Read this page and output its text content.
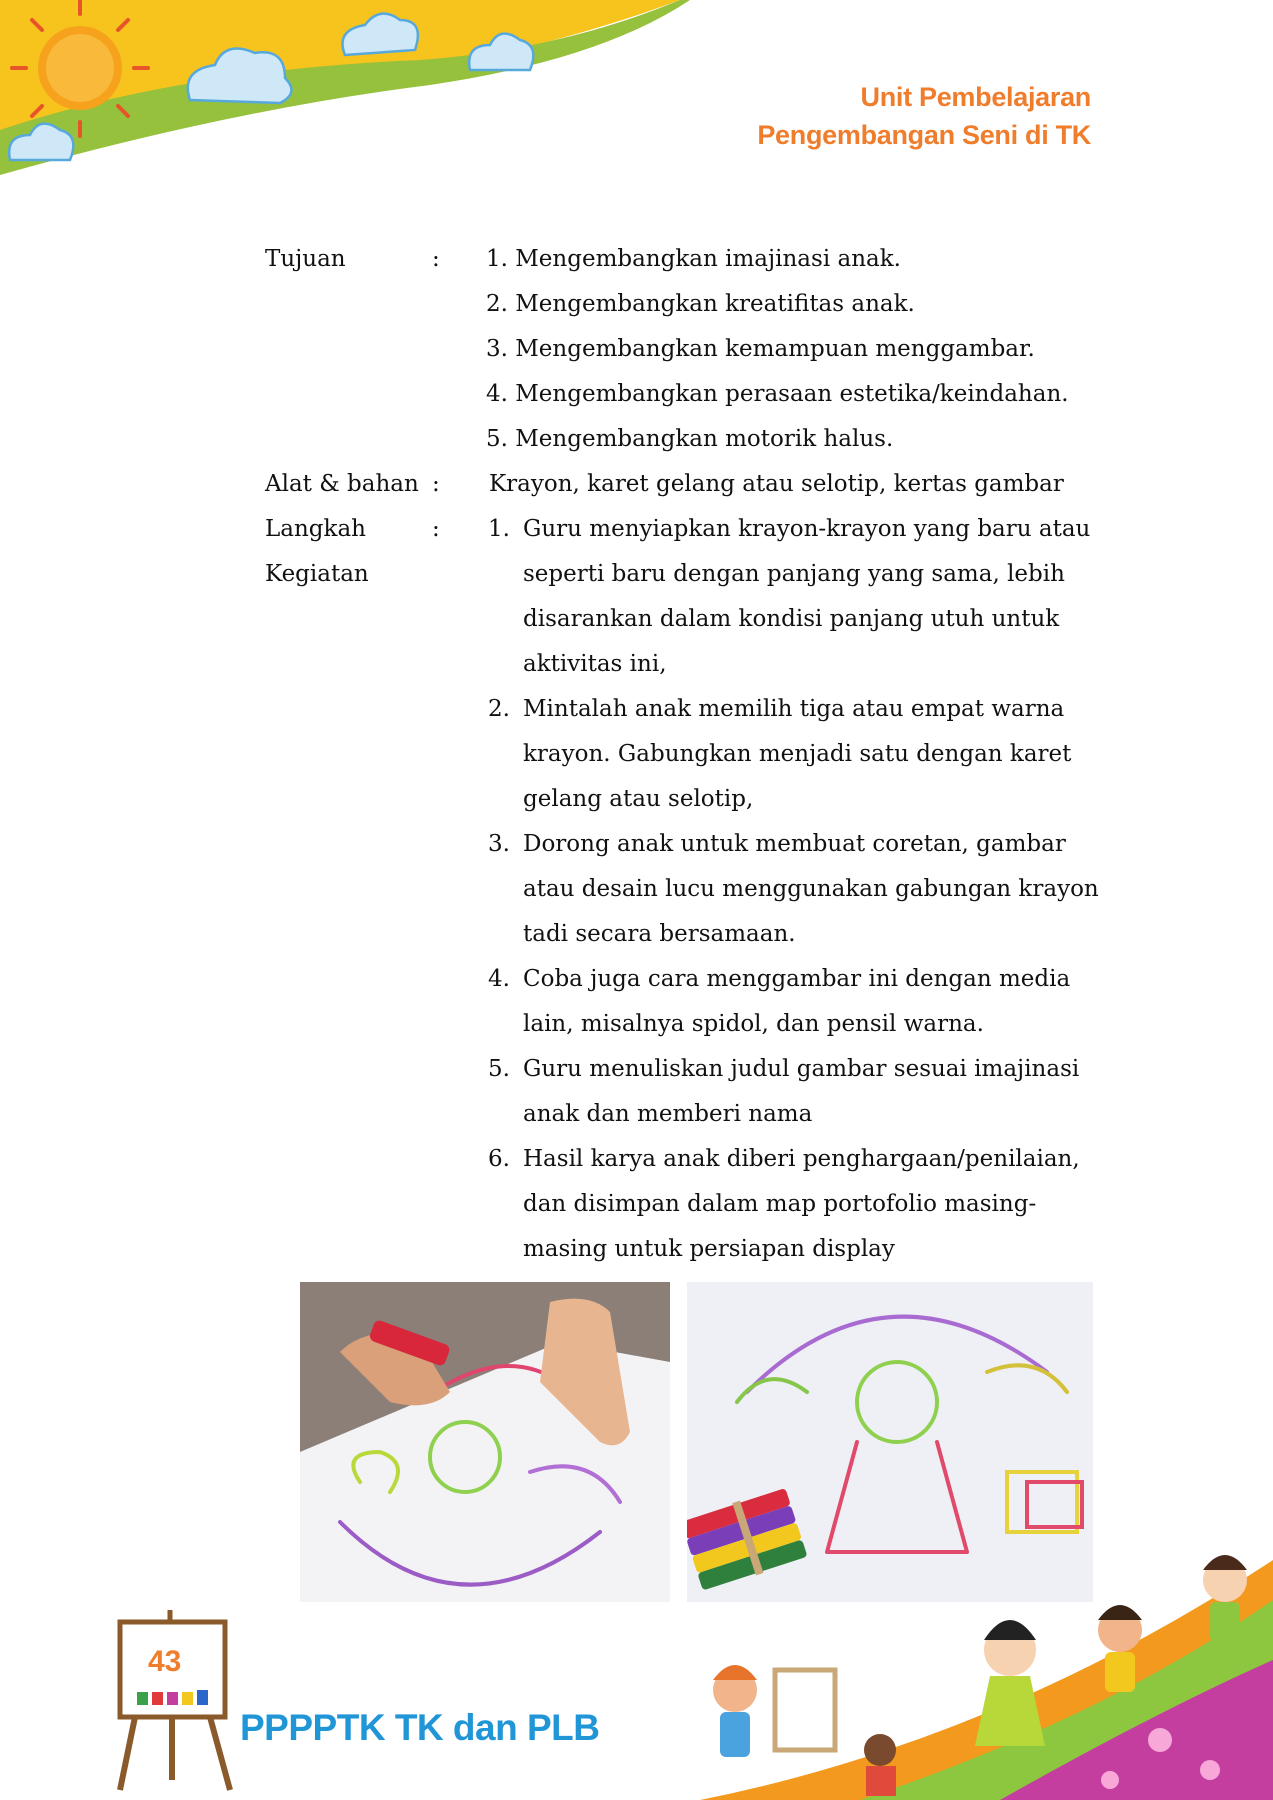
Unit Pembelajaran
Pengembangan Seni di TK
Tujuan	: 1. Mengembangkan imajinasi anak.
2. Mengembangkan kreatifitas anak.
3. Mengembangkan kemampuan menggambar.
4. Mengembangkan perasaan estetika/keindahan.
5. Mengembangkan motorik halus.
Alat & bahan : Krayon, karet gelang atau selotip, kertas gambar
Langkah
Kegiatan
: 1. Guru menyiapkan krayon-krayon yang baru atau
seperti baru dengan panjang yang sama, lebih
disarankan dalam kondisi panjang utuh untuk
aktivitas ini,
2. Mintalah anak memilih tiga atau empat warna
krayon. Gabungkan menjadi satu dengan karet
gelang atau selotip,
3. Dorong anak untuk membuat coretan, gambar
atau desain lucu menggunakan gabungan krayon
tadi secara bersamaan.
4. Coba juga cara menggambar ini dengan media
lain, misalnya spidol, dan pensil warna.
5. Guru menuliskan judul gambar sesuai imajinasi
anak dan memberi nama
6. Hasil karya anak diberi penghargaan/penilaian,
dan disimpan dalam map portofolio masing-
masing untuk persiapan display
43
PPPPTK TK dan PLB
